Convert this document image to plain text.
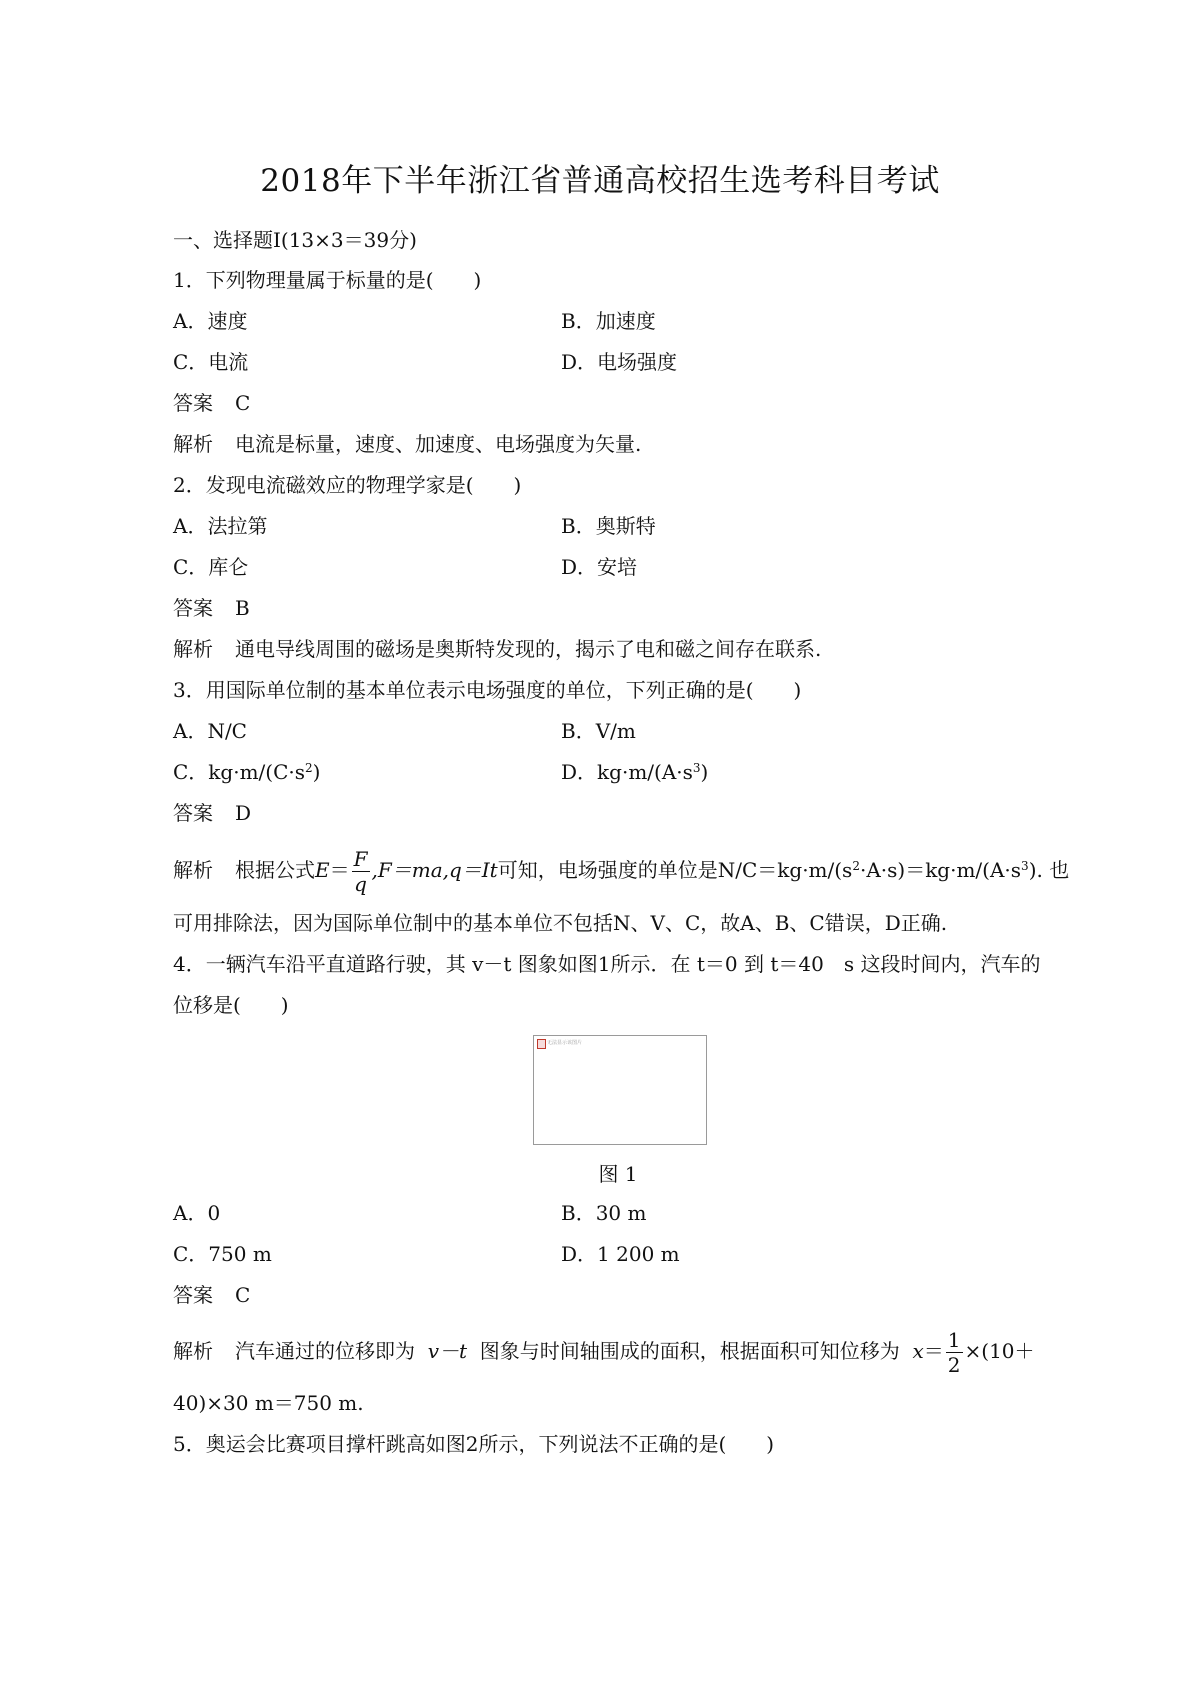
2018年下半年浙江省普通高校招生选考科目考试
一、选择题Ⅰ(13×3＝39分)
1．下列物理量属于标量的是(　　)
A．速度	B．加速度
C．电流	D．电场强度
答案 C
解析 电流是标量，速度、加速度、电场强度为矢量.
2．发现电流磁效应的物理学家是(　　)
A．法拉第	B．奥斯特
C．库仑	D．安培
答案 B
解析 通电导线周围的磁场是奥斯特发现的，揭示了电和磁之间存在联系.
3．用国际单位制的基本单位表示电场强度的单位，下列正确的是(　　)
A．N/C	B．V/m
C．$kg\cdot m/(C\cdot s^2)$	D．$kg\cdot m/(A\cdot s^3)$
答案 D
解析 根据公式$E= \frac{F}{q} ,F=ma,q=It$可知，电场强度的单位是$N/C=kg\cdot m/(s^2\cdot A\cdot s)=kg\cdot m/(A\cdot s^3)$. 也
可用排除法，因为国际单位制中的基本单位不包括N、V、C，故A、B、C错误，D正确.
4．一辆汽车沿平直道路行驶，其 v－t 图象如图1所示．在 t＝0 到 t＝40　s 这段时间内，汽车的
位移是(　　)
无法显示该图片
图 1
A．0	B．30 m
C．750 m	D．1 200 m
答案 C
解析 汽车通过的位移即为 v－t 图象与时间轴围成的面积，根据面积可知位移为 $x= \frac{1}{2} \times(10+$
40)×30 m＝750 m.
5．奥运会比赛项目撑杆跳高如图2所示，下列说法不正确的是(　　)
